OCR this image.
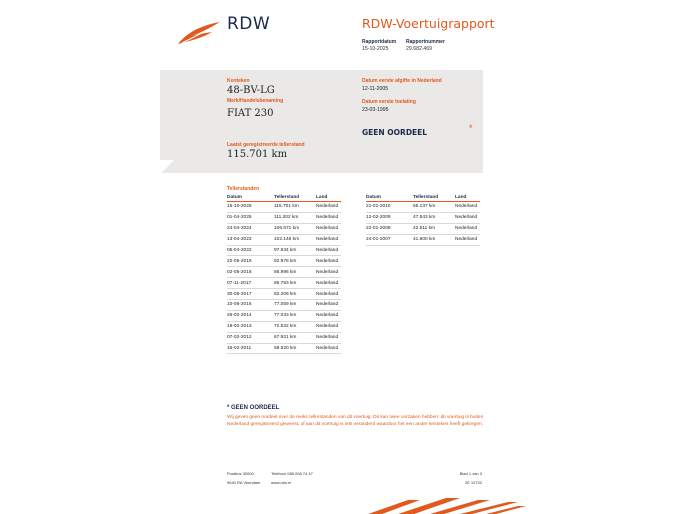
RDW	RDW-Voertuigrapport
Rapportdatum
15-10-2025
Rapportnummer
29.682.469
Kenteken
48-BV-LG
Merk/Handelsbenaming
FIAT 230
Laatst geregistreerde tellerstand
115.701 km
Datum eerste afgifte in Nederland
12-11-2005
Datum eerste toelating
23-03-1995
GEEN OORDEEL	*
Tellerstanden
Datum	Tellerstand	Land
15-10-2025	115.701 km	Nederland
01-04-2025	111.202 km	Nederland
24-04-2024	106.671 km	Nederland
13-04-2023	102.146 km	Nederland
05-04-2022	97.634 km	Nederland
22-05-2019	92.978 km	Nederland
02-05-2018	86.996 km	Nederland
07-11-2017	86.783 km	Nederland
30-05-2017	82.208 km	Nederland
10-06-2016	77.059 km	Nederland
26-02-2014	77.033 km	Nederland
18-02-2013	72.532 km	Nederland
07-02-2012	67.921 km	Nederland
16-02-2011	59.520 km	Nederland
Datum	Tellerstand	Land
21-01-2010	55.137 km	Nederland
12-02-2009	47.543 km	Nederland
22-01-2008	42.511 km	Nederland
24-01-2007	41.800 km	Nederland
* GEEN OORDEEL
Wij geven geen oordeel over de reeks tellerstanden van dit voertuig. Dit kan twee oorzaken hebben: dit voertuig is buiten Nederland geregistreerd geweest, of aan dit voertuig is iets veranderd waardoor het een ander kenteken heeft gekregen.
Postbus 30000
9640 RA Veendam
Telefoon 088 008 74 47
www.rdw.nl
Blad 1 van 3
2E 10732
